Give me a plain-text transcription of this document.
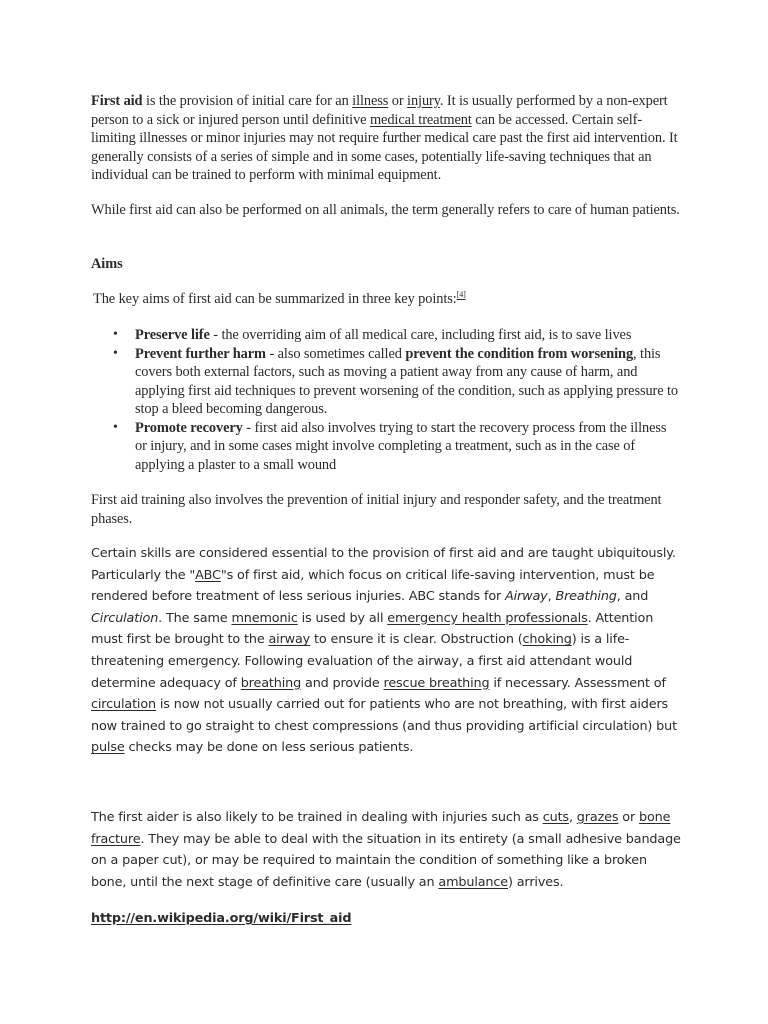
First aid is the provision of initial care for an illness or injury. It is usually performed by a non-expert person to a sick or injured person until definitive medical treatment can be accessed. Certain self-limiting illnesses or minor injuries may not require further medical care past the first aid intervention. It generally consists of a series of simple and in some cases, potentially life-saving techniques that an individual can be trained to perform with minimal equipment.

While first aid can also be performed on all animals, the term generally refers to care of human patients.

Aims

The key aims of first aid can be summarized in three key points:[4]

• Preserve life - the overriding aim of all medical care, including first aid, is to save lives
• Prevent further harm - also sometimes called prevent the condition from worsening, this covers both external factors, such as moving a patient away from any cause of harm, and applying first aid techniques to prevent worsening of the condition, such as applying pressure to stop a bleed becoming dangerous.
• Promote recovery - first aid also involves trying to start the recovery process from the illness or injury, and in some cases might involve completing a treatment, such as in the case of applying a plaster to a small wound

First aid training also involves the prevention of initial injury and responder safety, and the treatment phases.

Certain skills are considered essential to the provision of first aid and are taught ubiquitously. Particularly the "ABC"s of first aid, which focus on critical life-saving intervention, must be rendered before treatment of less serious injuries. ABC stands for Airway, Breathing, and Circulation. The same mnemonic is used by all emergency health professionals. Attention must first be brought to the airway to ensure it is clear. Obstruction (choking) is a life-threatening emergency. Following evaluation of the airway, a first aid attendant would determine adequacy of breathing and provide rescue breathing if necessary. Assessment of circulation is now not usually carried out for patients who are not breathing, with first aiders now trained to go straight to chest compressions (and thus providing artificial circulation) but pulse checks may be done on less serious patients.

The first aider is also likely to be trained in dealing with injuries such as cuts, grazes or bone fracture. They may be able to deal with the situation in its entirety (a small adhesive bandage on a paper cut), or may be required to maintain the condition of something like a broken bone, until the next stage of definitive care (usually an ambulance) arrives.

http://en.wikipedia.org/wiki/First_aid
